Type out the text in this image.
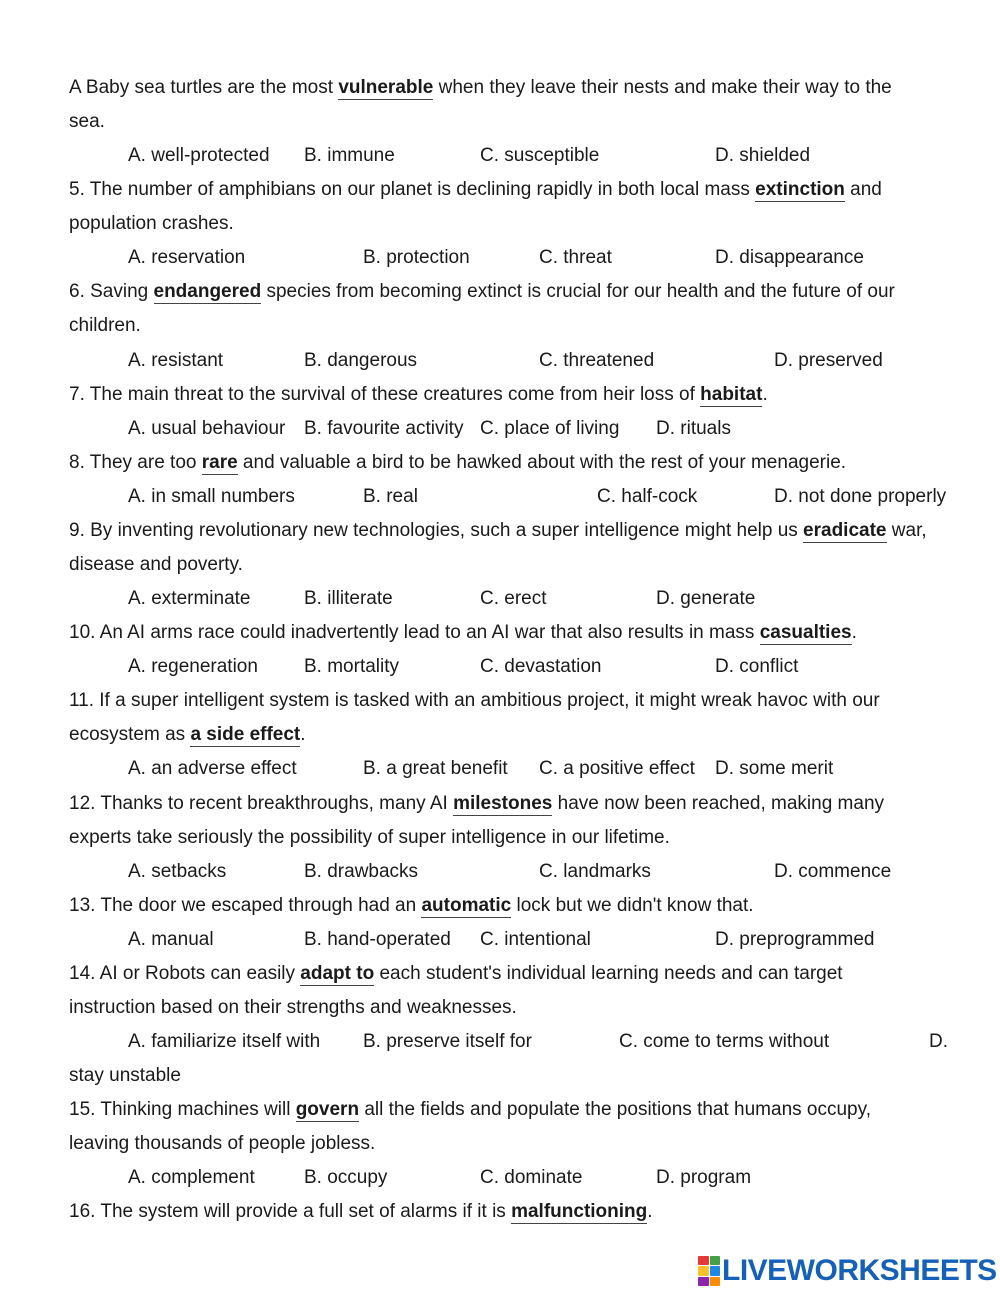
A Baby sea turtles are the most vulnerable when they leave their nests and make their way to the
sea.
A. well-protected B. immune	C. susceptible	D. shielded
5. The number of amphibians on our planet is declining rapidly in both local mass extinction and
population crashes.
A. reservation	B. protection	C. threat	D. disappearance
6. Saving endangered species from becoming extinct is crucial for our health and the future of our
children.
A. resistant	B. dangerous	C. threatened	D. preserved
7. The main threat to the survival of these creatures come from heir loss of habitat.
A. usual behaviour B. favourite activity C. place of living D. rituals
8. They are too rare and valuable a bird to be hawked about with the rest of your menagerie.
A. in small numbers	B. real	C. half-cock	D. not done properly
9. By inventing revolutionary new technologies, such a super intelligence might help us eradicate war,
disease and poverty.
A. exterminate	B. illiterate	C. erect	D. generate
10. An AI arms race could inadvertently lead to an AI war that also results in mass casualties.
A. regeneration B. mortality	C. devastation	D. conflict
11. If a super intelligent system is tasked with an ambitious project, it might wreak havoc with our
ecosystem as a side effect.
A. an adverse effect	B. a great benefit C. a positive effect D. some merit
12. Thanks to recent breakthroughs, many AI milestones have now been reached, making many
experts take seriously the possibility of super intelligence in our lifetime.
A. setbacks	B. drawbacks	C. landmarks	D. commence
13. The door we escaped through had an automatic lock but we didn't know that.
A. manual	B. hand-operated C. intentional	D. preprogrammed
14. AI or Robots can easily adapt to each student's individual learning needs and can target
instruction based on their strengths and weaknesses.
A. familiarize itself with B. preserve itself for	C. come to terms without	D.
stay unstable
15. Thinking machines will govern all the fields and populate the positions that humans occupy,
leaving thousands of people jobless.
A. complement	B. occupy	C. dominate	D. program
16. The system will provide a full set of alarms if it is malfunctioning.
LIVEWORKSHEETS
